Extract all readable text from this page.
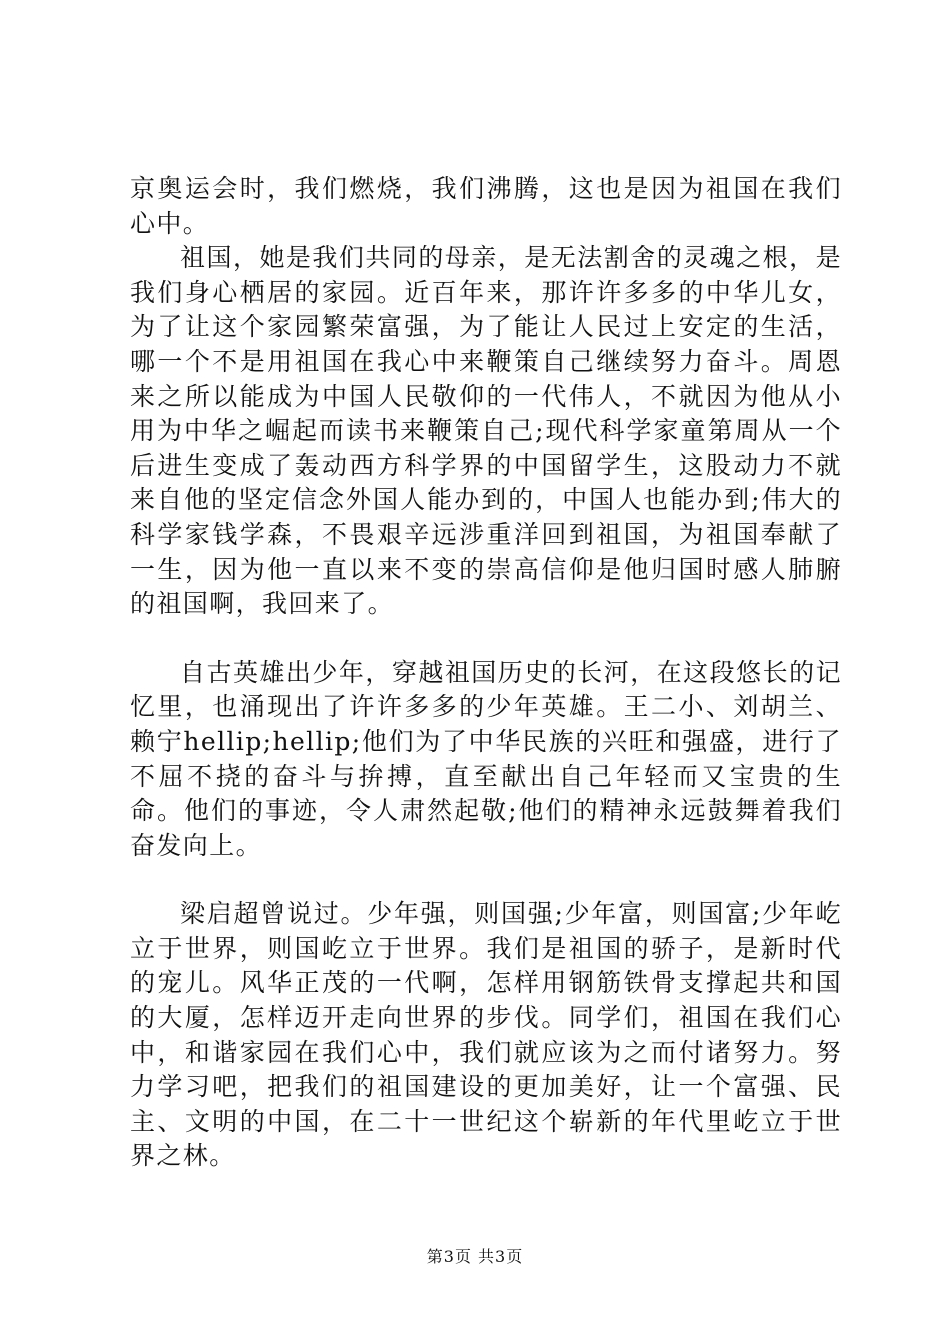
京奥运会时，我们燃烧，我们沸腾，这也是因为祖国在我们心中。

祖国，她是我们共同的母亲，是无法割舍的灵魂之根，是我们身心栖居的家园。近百年来，那许许多多的中华儿女，为了让这个家园繁荣富强，为了能让人民过上安定的生活，哪一个不是用祖国在我心中来鞭策自己继续努力奋斗。周恩来之所以能成为中国人民敬仰的一代伟人，不就因为他从小用为中华之崛起而读书来鞭策自己;现代科学家童第周从一个后进生变成了轰动西方科学界的中国留学生，这股动力不就来自他的坚定信念外国人能办到的，中国人也能办到;伟大的科学家钱学森，不畏艰辛远涉重洋回到祖国，为祖国奉献了一生，因为他一直以来不变的崇高信仰是他归国时感人肺腑的祖国啊，我回来了。

自古英雄出少年，穿越祖国历史的长河，在这段悠长的记忆里，也涌现出了许许多多的少年英雄。王二小、刘胡兰、赖宁hellip;hellip;他们为了中华民族的兴旺和强盛，进行了不屈不挠的奋斗与拚搏，直至献出自己年轻而又宝贵的生命。他们的事迹，令人肃然起敬;他们的精神永远鼓舞着我们奋发向上。

梁启超曾说过。少年强，则国强;少年富，则国富;少年屹立于世界，则国屹立于世界。我们是祖国的骄子，是新时代的宠儿。风华正茂的一代啊，怎样用钢筋铁骨支撑起共和国的大厦，怎样迈开走向世界的步伐。同学们，祖国在我们心中，和谐家园在我们心中，我们就应该为之而付诸努力。努力学习吧，把我们的祖国建设的更加美好，让一个富强、民主、文明的中国，在二十一世纪这个崭新的年代里屹立于世界之林。

第3页 共3页
